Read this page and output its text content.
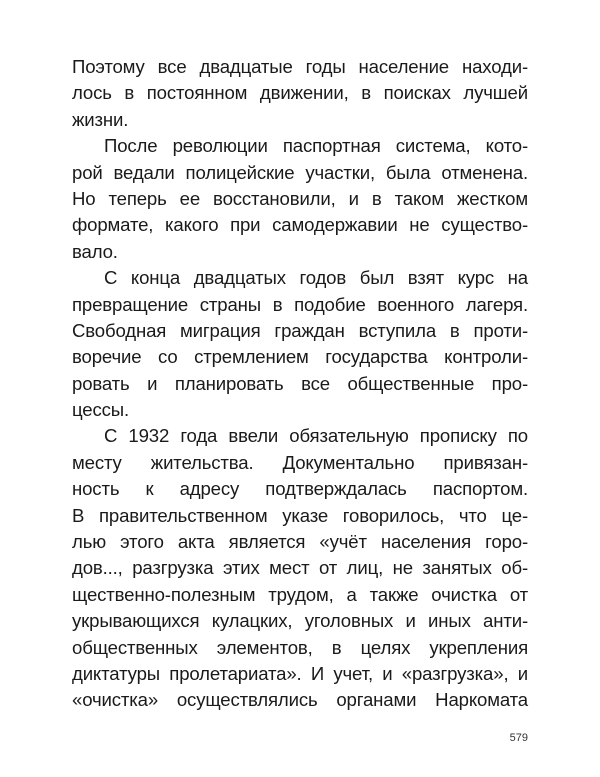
Поэтому все двадцатые годы население находи-
лось в постоянном движении, в поисках лучшей
жизни.
После революции паспортная система, кото-
рой ведали полицейские участки, была отменена.
Но теперь ее восстановили, и в таком жестком
формате, какого при самодержавии не существо-
вало.
С конца двадцатых годов был взят курс на
превращение страны в подобие военного лагеря.
Свободная миграция граждан вступила в проти-
воречие со стремлением государства контроли-
ровать и планировать все общественные про-
цессы.
С 1932 года ввели обязательную прописку по
месту жительства. Документально привязан-
ность к адресу подтверждалась паспортом.
В правительственном указе говорилось, что це-
лью этого акта является «учёт населения горо-
дов..., разгрузка этих мест от лиц, не занятых об-
щественно-полезным трудом, а также очистка от
укрывающихся кулацких, уголовных и иных анти-
общественных элементов, в целях укрепления
диктатуры пролетариата». И учет, и «разгрузка», и
«очистка» осуществлялись органами Наркомата
579
